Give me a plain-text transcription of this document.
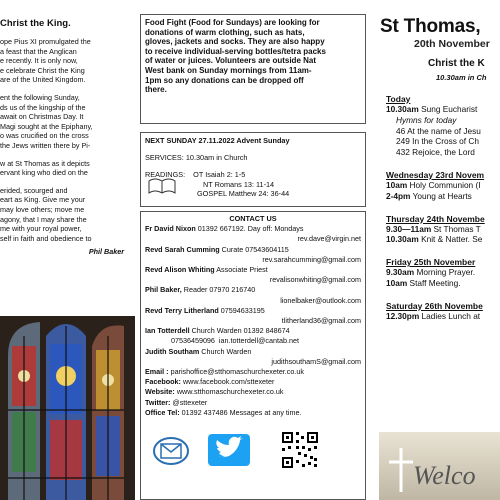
Christ the King.
ope Pius XI promulgated the
a feast that the Anglican
e recently. It is only now,
e celebrate Christ the King
are of the United Kingdom.
ent the following Sunday,
ds us of the kingship of the
await on Christmas Day. It
Magi sought at the Epiphany,
o was crucified on the cross
the Jews written there by Pi-
w at St Thomas as it depicts
ervant king who died on the
erided, scourged and
eart as King. Give me your
may love others; move me
agony, that I may share the
me with your royal power,
self in faith and obedience to
Phil Baker
Food Fight (Food for Sundays) are looking for
donations of warm clothing, such as hats,
gloves, jackets and socks. They are also happy
to receive individual-serving bottles/tetra packs
of water or juices. Volunteers are outside Nat
West bank on Sunday mornings from 11am-
1pm so any donations can be dropped off
there.
NEXT SUNDAY 27.11.2022 Advent Sunday
SERVICES: 10.30am in Church
READINGS: OT Isaiah 2: 1-5
NT Romans 13: 11-14
GOSPEL Matthew 24: 36-44
CONTACT US
Fr David Nixon 01392 667192. Day off: Mondays
rev.dave@virgin.net
Revd Sarah Cumming Curate 07543604115
rev.sarahcumming@gmail.com
Revd Alison Whiting Associate Priest
revalisonwhiting@gmail.com
Phil Baker, Reader 07970 216740
lionelbaker@outlook.com
Revd Terry Litherland 07594633195
tlitherland36@gmail.com
Ian Totterdell Church Warden 01392 848674
07536459096  ian.totterdell@cantab.net
Judith Southam Church Warden
judithsouthamS@gmail.com
Email : parishoffice@stthomaschurchexeter.co.uk
Facebook: www.facebook.com/sttexeter
Website: www.stthomaschurchexeter.co.uk
Twitter: @sttexeter
Office Tel: 01392 437486 Messages at any time.
St Thomas,
20th November
Christ the K
10.30am in Ch
Today
10.30am Sung Eucharist
Hymns for today
46 At the name of Jesu
249 In the Cross of Ch
432 Rejoice, the Lord
Wednesday 23rd Novem
10am Holy Communion (I
2-4pm Young at Hearts
Thursday 24th Novembe
9.30—11am St Thomas T
10.30am Knit & Natter. Se
Friday 25th November
9.30am Morning Prayer.
10am Staff Meeting.
Saturday 26th Novembe
12.30pm Ladies Lunch at
Welco
